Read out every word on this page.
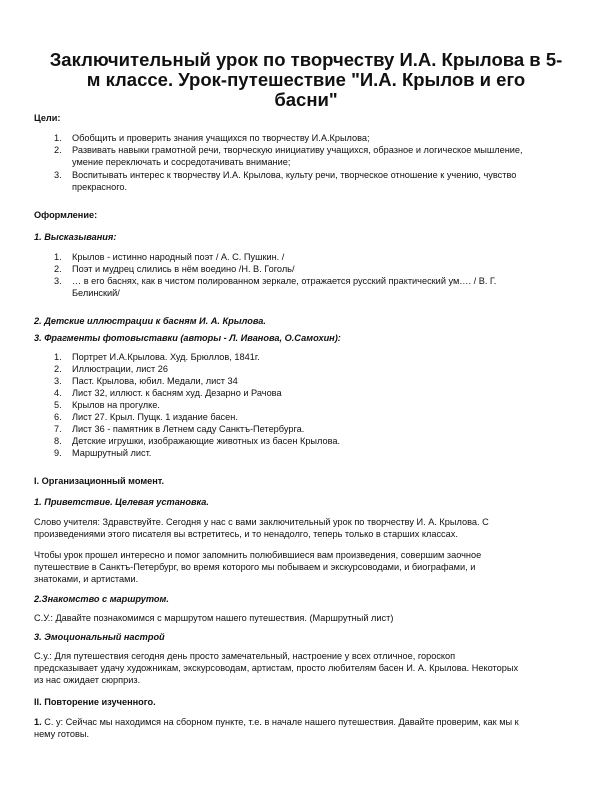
Заключительный урок по творчеству И.А. Крылова в 5-
м классе. Урок-путешествие "И.А. Крылов и его
басни"
Цели:
1. Обобщить и проверить знания учащихся по творчеству И.А.Крылова;
2. Развивать навыки грамотной речи, творческую инициативу учащихся, образное и логическое мышление,
умение переключать и сосредотачивать внимание;
3. Воспитывать интерес к творчеству И.А. Крылова, культу речи, творческое отношение к учению, чувство
прекрасного.
Оформление:
1. Высказывания:
1. Крылов - истинно народный поэт / А. С. Пушкин. /
2. Поэт и мудрец слились в нём воедино /Н. В. Гоголь/
3. … в его баснях, как в чистом полированном зеркале, отражается русский практический ум…. / В. Г.
Белинский/
2. Детские иллюстрации к басням И. А. Крылова.
3. Фрагменты фотовыставки (авторы - Л. Иванова, О.Самохин):
1. Портрет И.А.Крылова. Худ. Брюллов, 1841г.
2. Иллюстрации, лист 26
3. Паст. Крылова, юбил. Медали, лист 34
4. Лист 32, иллюст. к басням худ. Дезарно и Рачова
5. Крылов на прогулке.
6. Лист 27. Крыл. Пущк. 1 издание басен.
7. Лист 36 - памятник в Летнем саду Санктъ-Петербурга.
8. Детские игрушки, изображающие животных из басен Крылова.
9. Маршрутный лист.
I. Организационный момент.
1. Приветствие. Целевая установка.
Слово учителя: Здравствуйте. Сегодня у нас с вами заключительный урок по творчеству И. А. Крылова. С
произведениями этого писателя вы встретитесь, и то ненадолго, теперь только в старших классах.
Чтобы урок прошел интересно и помог запомнить полюбившиеся вам произведения, совершим заочное
путешествие в Санктъ-Петербург, во время которого мы побываем и экскурсоводами, и биографами, и
знатоками, и артистами.
2.Знакомство с маршрутом.
С.У.: Давайте познакомимся с маршрутом нашего путешествия. (Маршрутный лист)
3. Эмоциональный настрой
С.у.: Для путешествия сегодня день просто замечательный, настроение у всех отличное, гороскоп
предсказывает удачу художникам, экскурсоводам, артистам, просто любителям басен И. А. Крылова. Некоторых
из нас ожидает сюрприз.
II. Повторение изученного.
1. С. у: Сейчас мы находимся на сборном пункте, т.е. в начале нашего путешествия. Давайте проверим, как мы к
нему готовы.
